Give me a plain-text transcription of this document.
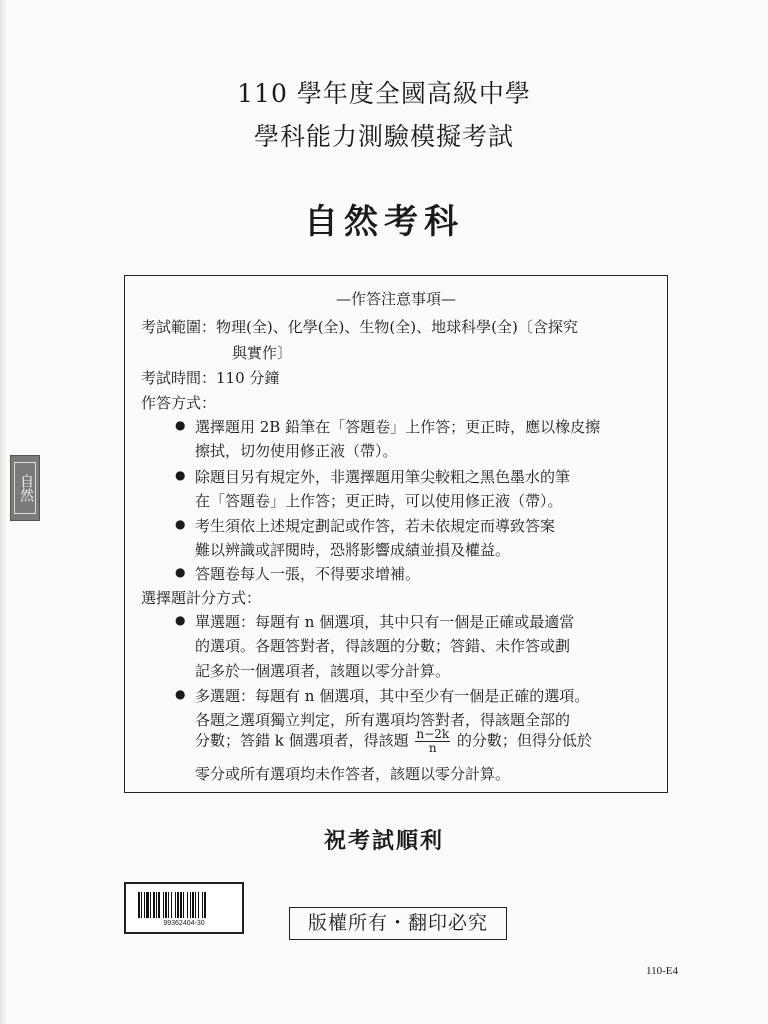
110 學年度全國高級中學
學科能力測驗模擬考試
自然考科
自然
—作答注意事項—
考試範圍：物理(全)、化學(全)、生物(全)、地球科學(全)〔含探究
與實作〕
考試時間：110 分鐘
作答方式：
● 選擇題用 2B 鉛筆在「答題卷」上作答；更正時，應以橡皮擦
擦拭，切勿使用修正液（帶）。
● 除題目另有規定外，非選擇題用筆尖較粗之黑色墨水的筆
在「答題卷」上作答；更正時，可以使用修正液（帶）。
● 考生須依上述規定劃記或作答，若未依規定而導致答案
難以辨識或評閱時，恐將影響成績並損及權益。
● 答題卷每人一張，不得要求增補。
選擇題計分方式：
● 單選題：每題有 n 個選項，其中只有一個是正確或最適當
的選項。各題答對者，得該題的分數；答錯、未作答或劃
記多於一個選項者，該題以零分計算。
● 多選題：每題有 n 個選項，其中至少有一個是正確的選項。
各題之選項獨立判定，所有選項均答對者，得該題全部的
分數；答錯 k 個選項者，得該題 $\frac{n-2k}{n}$ 的分數；但得分低於
零分或所有選項均未作答者，該題以零分計算。
祝考試順利
99362404-30	版權所有・翻印必究
110-E4
